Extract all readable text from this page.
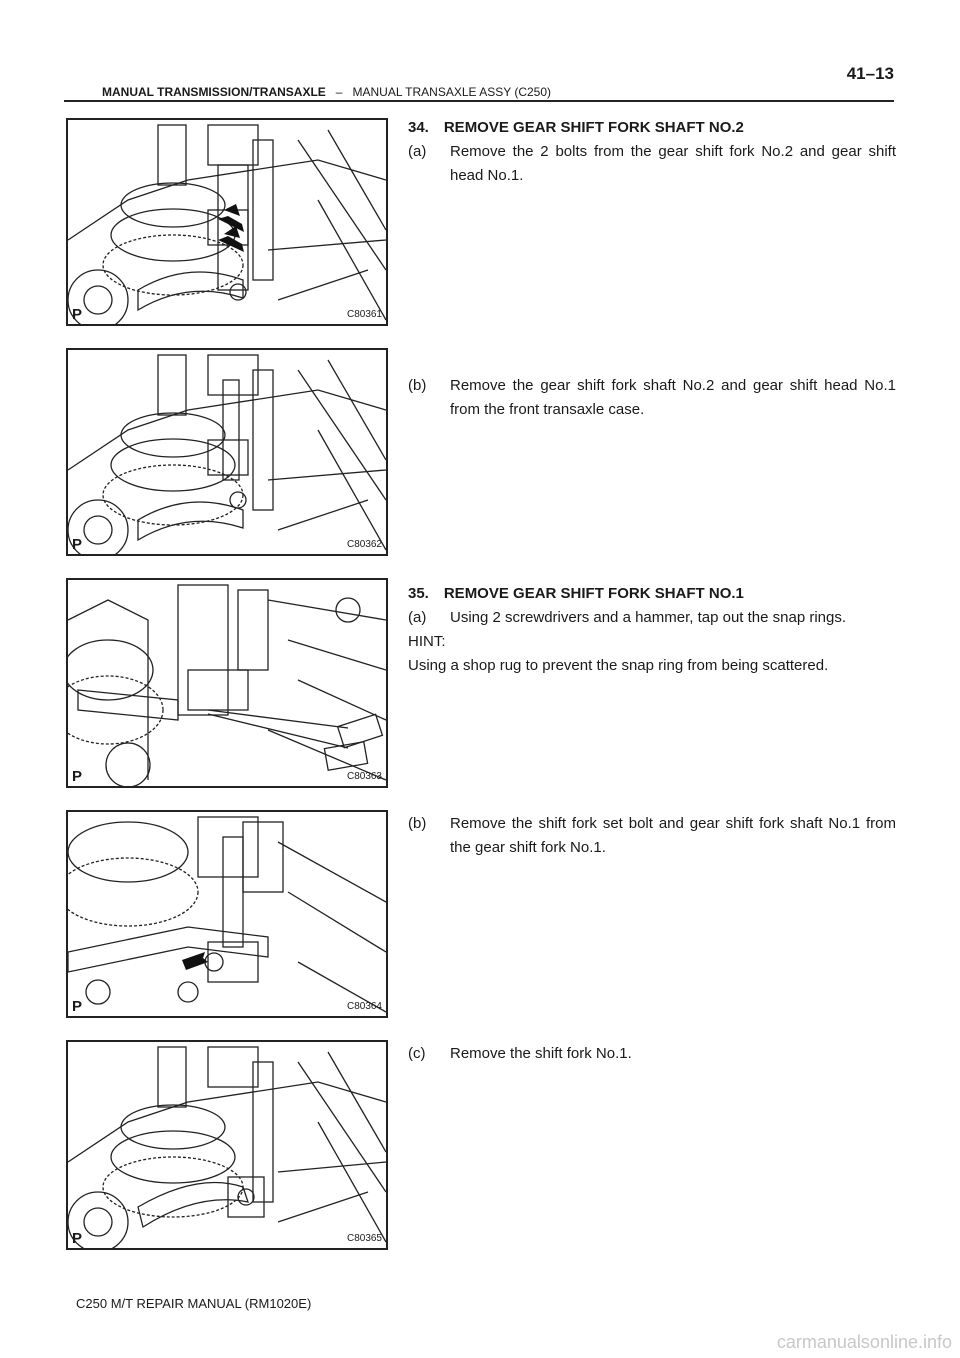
41–13
MANUAL TRANSMISSION/TRANSAXLE – MANUAL TRANSAXLE ASSY (C250)
P	C80361
P	C80362
P	C80363
P	C80364
P	C80365
34. REMOVE GEAR SHIFT FORK SHAFT NO.2
(a)	Remove the 2 bolts from the gear shift fork No.2 and gear shift head No.1.
(b)	Remove the gear shift fork shaft No.2 and gear shift head No.1 from the front transaxle case.
35. REMOVE GEAR SHIFT FORK SHAFT NO.1
(a)	Using 2 screwdrivers and a hammer, tap out the snap rings.
HINT:
Using a shop rug to prevent the snap ring from being scattered.
(b)	Remove the shift fork set bolt and gear shift fork shaft No.1 from the gear shift fork No.1.
(c)	Remove the shift fork No.1.
C250 M/T REPAIR MANUAL (RM1020E)
carmanualsonline.info
